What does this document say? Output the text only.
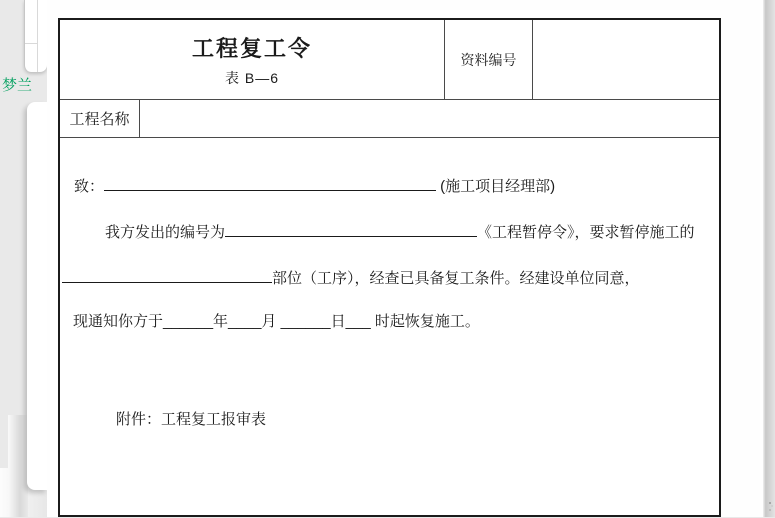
梦兰
工程复工令
表 B—6
资料编号
工程名称
致：	(施工项目经理部)
我方发出的编号为	《工程暂停令》，要求暂停施工的
部位（工序），经查已具备复工条件。经建设单位同意，
现通知你方于______年____月 ______日___ 时起恢复施工。
附件：工程复工报审表
